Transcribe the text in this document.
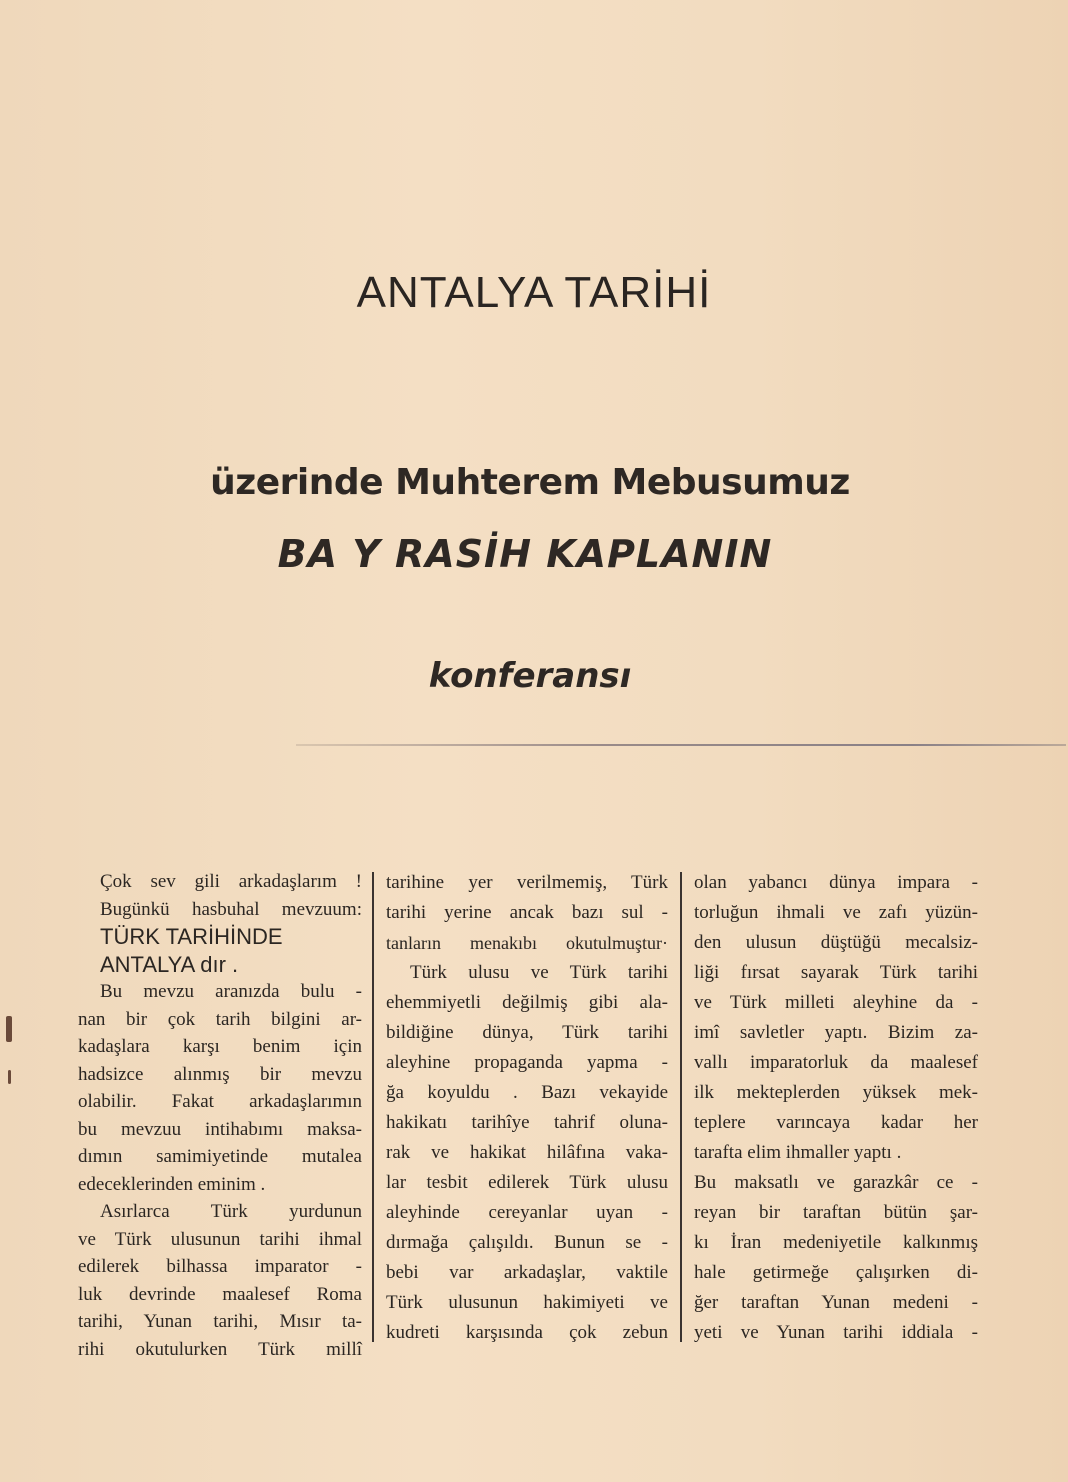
ANTALYA TARİHİ
üzerinde Muhterem Mebusumuz
BA Y RASİH KAPLANIN
konferansı
Çok sev gili arkadaşlarım !
Bugünkü hasbuhal mevzuum:
TÜRK TARİHİNDE
ANTALYA dır .
Bu mevzu aranızda bulu -
nan bir çok tarih bilgini ar-
kadaşlara karşı benim için
hadsizce alınmış bir mevzu
olabilir. Fakat arkadaşlarımın
bu mevzuu intihabımı maksa-
dımın samimiyetinde mutalea
edeceklerinden eminim .
Asırlarca Türk yurdunun
ve Türk ulusunun tarihi ihmal
edilerek bilhassa imparator -
luk devrinde maalesef Roma
tarihi, Yunan tarihi, Mısır ta-
rihi okutulurken Türk millî
tarihine yer verilmemiş, Türk
tarihi yerine ancak bazı sul -
tanların menakıbı okutulmuştur·
Türk ulusu ve Türk tarihi
ehemmiyetli değilmiş gibi ala-
bildiğine dünya, Türk tarihi
aleyhine propaganda yapma -
ğa koyuldu . Bazı vekayide
hakikatı tarihîye tahrif oluna-
rak ve hakikat hilâfına vaka-
lar tesbit edilerek Türk ulusu
aleyhinde cereyanlar uyan -
dırmağa çalışıldı. Bunun se -
bebi var arkadaşlar, vaktile
Türk ulusunun hakimiyeti ve
kudreti karşısında çok zebun
olan yabancı dünya impara -
torluğun ihmali ve zafı yüzün-
den ulusun düştüğü mecalsiz-
liği fırsat sayarak Türk tarihi
ve Türk milleti aleyhine da -
imî savletler yaptı. Bizim za-
vallı imparatorluk da maalesef
ilk mekteplerden yüksek mek-
teplere varıncaya kadar her
tarafta elim ihmaller yaptı .
Bu maksatlı ve garazkâr ce -
reyan bir taraftan bütün şar-
kı İran medeniyetile kalkınmış
hale getirmeğe çalışırken di-
ğer taraftan Yunan medeni -
yeti ve Yunan tarihi iddiala -
